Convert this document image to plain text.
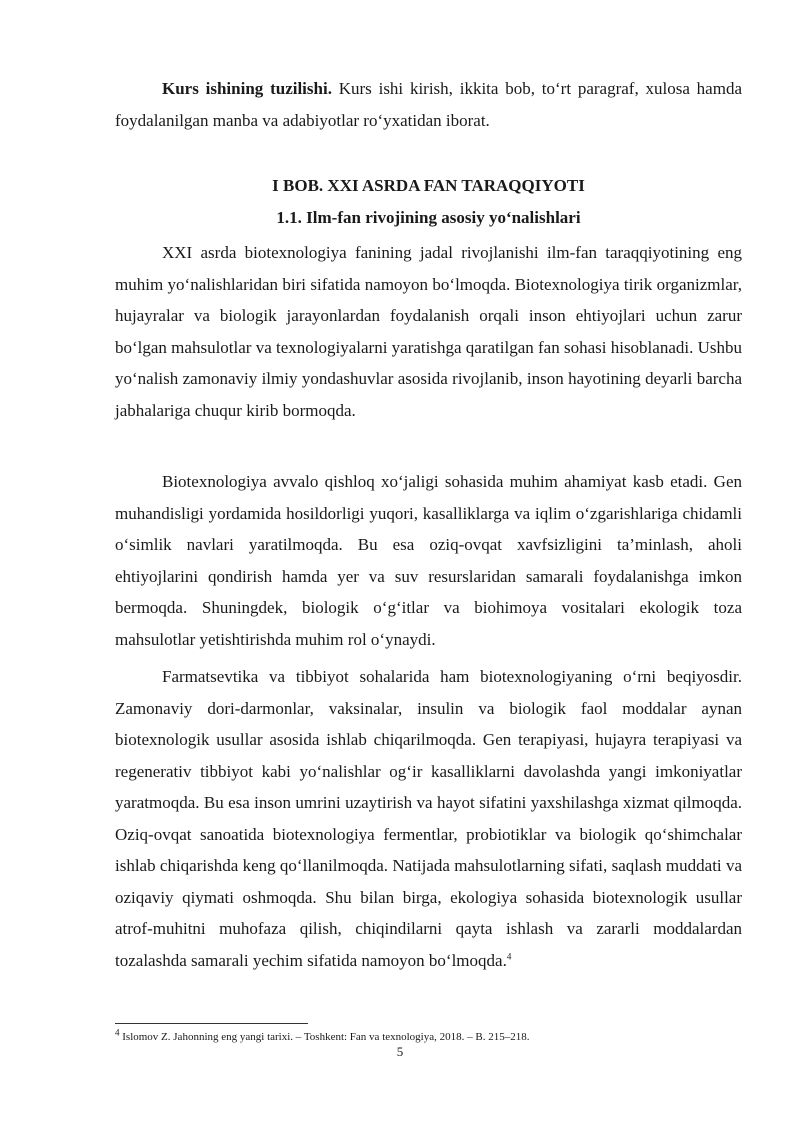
Kurs ishining tuzilishi. Kurs ishi kirish, ikkita bob, to‘rt paragraf, xulosa hamda foydalanilgan manba va adabiyotlar ro‘yxatidan iborat.

I BOB. XXI ASRDA FAN TARAQQIYOTI
1.1. Ilm-fan rivojining asosiy yo‘nalishlari

XXI asrda biotexnologiya fanining jadal rivojlanishi ilm-fan taraqqiyotining eng muhim yo‘nalishlaridan biri sifatida namoyon bo‘lmoqda. Biotexnologiya tirik organizmlar, hujayralar va biologik jarayonlardan foydalanish orqali inson ehtiyojlari uchun zarur bo‘lgan mahsulotlar va texnologiyalarni yaratishga qaratilgan fan sohasi hisoblanadi. Ushbu yo‘nalish zamonaviy ilmiy yondashuvlar asosida rivojlanib, inson hayotining deyarli barcha jabhalariga chuqur kirib bormoqda.

Biotexnologiya avvalo qishloq xo‘jaligi sohasida muhim ahamiyat kasb etadi. Gen muhandisligi yordamida hosildorligi yuqori, kasalliklarga va iqlim o‘zgarishlariga chidamli o‘simlik navlari yaratilmoqda. Bu esa oziq-ovqat xavfsizligini ta’minlash, aholi ehtiyojlarini qondirish hamda yer va suv resurslaridan samarali foydalanishga imkon bermoqda. Shuningdek, biologik o‘g‘itlar va biohimoya vositalari ekologik toza mahsulotlar yetishtirishda muhim rol o‘ynaydi.

Farmatsevtika va tibbiyot sohalarida ham biotexnologiyaning o‘rni beqiyosdir. Zamonaviy dori-darmonlar, vaksinalar, insulin va biologik faol moddalar aynan biotexnologik usullar asosida ishlab chiqarilmoqda. Gen terapiyasi, hujayra terapiyasi va regenerativ tibbiyot kabi yo‘nalishlar og‘ir kasalliklarni davolashda yangi imkoniyatlar yaratmoqda. Bu esa inson umrini uzaytirish va hayot sifatini yaxshilashga xizmat qilmoqda. Oziq-ovqat sanoatida biotexnologiya fermentlar, probiotiklar va biologik qo‘shimchalar ishlab chiqarishda keng qo‘llanilmoqda. Natijada mahsulotlarning sifati, saqlash muddati va oziqaviy qiymati oshmoqda. Shu bilan birga, ekologiya sohasida biotexnologik usullar atrof-muhitni muhofaza qilish, chiqindilarni qayta ishlash va zararli moddalardan tozalashda samarali yechim sifatida namoyon bo‘lmoqda.$^4$

$^4$ Islomov Z. Jahonning eng yangi tarixi. – Toshkent: Fan va texnologiya, 2018. – B. 215–218.
5
